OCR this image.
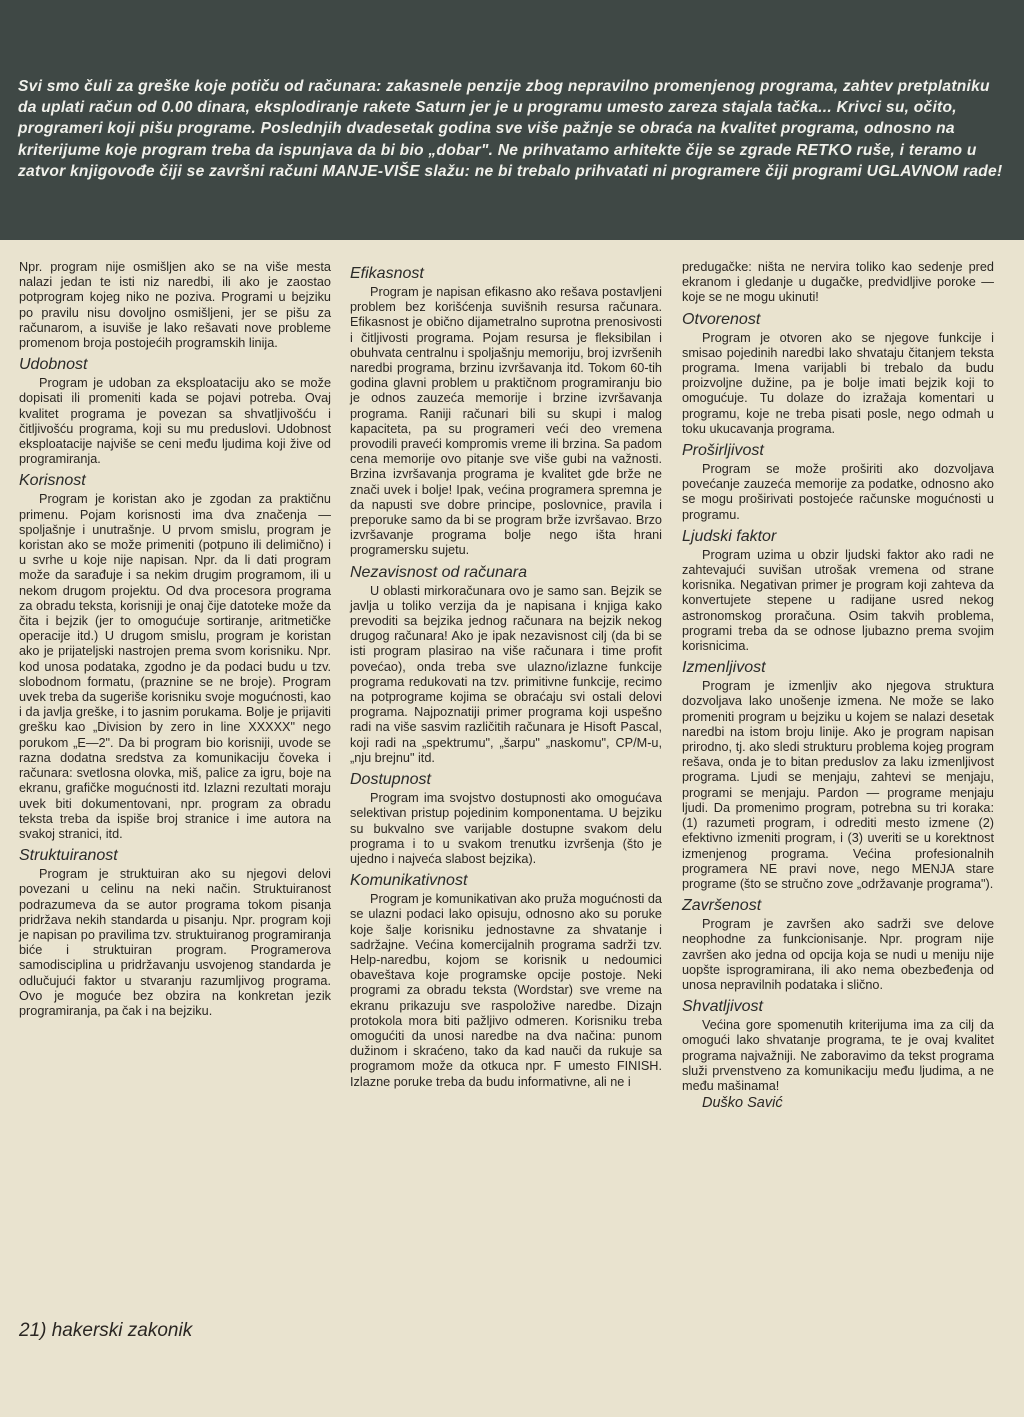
Svi smo čuli za greške koje potiču od računara: zakasnele penzije zbog nepravilno promenjenog programa, zahtev pretplatniku da uplati račun od 0.00 dinara, eksplodiranje rakete Saturn jer je u programu umesto zareza stajala tačka... Krivci su, očito, programeri koji pišu programe. Poslednjih dvadesetak godina sve više pažnje se obraća na kvalitet programa, odnosno na kriterijume koje program treba da ispunjava da bi bio „dobar". Ne prihvatamo arhitekte čije se zgrade RETKO ruše, i teramo u zatvor knjigovođe čiji se završni računi MANJE-VIŠE slažu: ne bi trebalo prihvatati ni programere čiji programi UGLAVNOM rade!

Npr. program nije osmišljen ako se na više mesta nalazi jedan te isti niz naredbi, ili ako je zaostao potprogram kojeg niko ne poziva. Programi u bejziku po pravilu nisu dovoljno osmišljeni, jer se pišu za računarom, a isuviše je lako rešavati nove probleme promenom broja postojećih programskih linija.

Udobnost

Program je udoban za eksploataciju ako se može dopisati ili promeniti kada se pojavi potreba. Ovaj kvalitet programa je povezan sa shvatljivošću i čitljivošću programa, koji su mu preduslovi. Udobnost eksploatacije najviše se ceni među ljudima koji žive od programiranja.

Korisnost

Program je koristan ako je zgodan za praktičnu primenu. Pojam korisnosti ima dva značenja — spoljašnje i unutrašnje. U prvom smislu, program je koristan ako se može primeniti (potpuno ili delimično) i u svrhe u koje nije napisan. Npr. da li dati program može da sarađuje i sa nekim drugim programom, ili u nekom drugom projektu. Od dva procesora programa za obradu teksta, korisniji je onaj čije datoteke može da čita i bejzik (jer to omogućuje sortiranje, aritmetičke operacije itd.) U drugom smislu, program je koristan ako je prijateljski nastrojen prema svom korisniku. Npr. kod unosa podataka, zgodno je da podaci budu u tzv. slobodnom formatu, (praznine se ne broje). Program uvek treba da sugeriše korisniku svoje mogućnosti, kao i da javlja greške, i to jasnim porukama. Bolje je prijaviti grešku kao „Division by zero in line XXXXX" nego porukom „E—2". Da bi program bio korisniji, uvode se razna dodatna sredstva za komunikaciju čoveka i računara: svetlosna olovka, miš, palice za igru, boje na ekranu, grafičke mogućnosti itd. Izlazni rezultati moraju uvek biti dokumentovani, npr. program za obradu teksta treba da ispiše broj stranice i ime autora na svakoj stranici, itd.

Struktuiranost

Program je struktuiran ako su njegovi delovi povezani u celinu na neki način. Struktuiranost podrazumeva da se autor programa tokom pisanja pridržava nekih standarda u pisanju. Npr. program koji je napisan po pravilima tzv. struktuiranog programiranja biće i struktuiran program. Programerova samodisciplina u pridržavanju usvojenog standarda je odlučujući faktor u stvaranju razumljivog programa. Ovo je moguće bez obzira na konkretan jezik programiranja, pa čak i na bejziku.

Efikasnost

Program je napisan efikasno ako rešava postavljeni problem bez korišćenja suvišnih resursa računara. Efikasnost je obično dijametralno suprotna prenosivosti i čitljivosti programa. Pojam resursa je fleksibilan i obuhvata centralnu i spoljašnju memoriju, broj izvršenih naredbi programa, brzinu izvršavanja itd. Tokom 60-tih godina glavni problem u praktičnom programiranju bio je odnos zauzeća memorije i brzine izvršavanja programa. Raniji računari bili su skupi i malog kapaciteta, pa su programeri veći deo vremena provodili praveći kompromis vreme ili brzina. Sa padom cena memorije ovo pitanje sve više gubi na važnosti. Brzina izvršavanja programa je kvalitet gde brže ne znači uvek i bolje! Ipak, većina programera spremna je da napusti sve dobre principe, poslovnice, pravila i preporuke samo da bi se program brže izvršavao. Brzo izvršavanje programa bolje nego išta hrani programersku sujetu.

Nezavisnost od računara

U oblasti mirkoračunara ovo je samo san. Bejzik se javlja u toliko verzija da je napisana i knjiga kako prevoditi sa bejzika jednog računara na bejzik nekog drugog računara! Ako je ipak nezavisnost cilj (da bi se isti program plasirao na više računara i time profit povećao), onda treba sve ulazno/izlazne funkcije programa redukovati na tzv. primitivne funkcije, recimo na potprograme kojima se obraćaju svi ostali delovi programa. Najpoznatiji primer programa koji uspešno radi na više sasvim različitih računara je Hisoft Pascal, koji radi na „spektrumu", „šarpu" „naskomu", CP/M-u, „nju brejnu" itd.

Dostupnost

Program ima svojstvo dostupnosti ako omogućava selektivan pristup pojedinim komponentama. U bejziku su bukvalno sve varijable dostupne svakom delu programa i to u svakom trenutku izvršenja (što je ujedno i najveća slabost bejzika).

Komunikativnost

Program je komunikativan ako pruža mogućnosti da se ulazni podaci lako opisuju, odnosno ako su poruke koje šalje korisniku jednostavne za shvatanje i sadržajne. Većina komercijalnih programa sadrži tzv. Help-naredbu, kojom se korisnik u nedoumici obaveštava koje programske opcije postoje. Neki programi za obradu teksta (Wordstar) sve vreme na ekranu prikazuju sve raspoložive naredbe. Dizajn protokola mora biti pažljivo odmeren. Korisniku treba omogućiti da unosi naredbe na dva načina: punom dužinom i skraćeno, tako da kad nauči da rukuje sa programom može da otkuca npr. F umesto FINISH. Izlazne poruke treba da budu informativne, ali ne i

predugačke: ništa ne nervira toliko kao sedenje pred ekranom i gledanje u dugačke, predvidljive poroke — koje se ne mogu ukinuti!

Otvorenost

Program je otvoren ako se njegove funkcije i smisao pojedinih naredbi lako shvataju čitanjem teksta programa. Imena varijabli bi trebalo da budu proizvoljne dužine, pa je bolje imati bejzik koji to omogućuje. Tu dolaze do izražaja komentari u programu, koje ne treba pisati posle, nego odmah u toku ukucavanja programa.

Proširljivost

Program se može proširiti ako dozvoljava povećanje zauzeća memorije za podatke, odnosno ako se mogu proširivati postojeće računske mogućnosti u programu.

Ljudski faktor

Program uzima u obzir ljudski faktor ako radi ne zahtevajući suvišan utrošak vremena od strane korisnika. Negativan primer je program koji zahteva da konvertujete stepene u radijane usred nekog astronomskog proračuna. Osim takvih problema, programi treba da se odnose ljubazno prema svojim korisnicima.

Izmenljivost

Program je izmenljiv ako njegova struktura dozvoljava lako unošenje izmena. Ne može se lako promeniti program u bejziku u kojem se nalazi desetak naredbi na istom broju linije. Ako je program napisan prirodno, tj. ako sledi strukturu problema kojeg program rešava, onda je to bitan preduslov za laku izmenljivost programa. Ljudi se menjaju, zahtevi se menjaju, programi se menjaju. Pardon — programe menjaju ljudi. Da promenimo program, potrebna su tri koraka: (1) razumeti program, i odrediti mesto izmene (2) efektivno izmeniti program, i (3) uveriti se u korektnost izmenjenog programa. Većina profesionalnih programera NE pravi nove, nego MENJA stare programe (što se stručno zove „održavanje programa").

Završenost

Program je završen ako sadrži sve delove neophodne za funkcionisanje. Npr. program nije završen ako jedna od opcija koja se nudi u meniju nije uopšte isprogramirana, ili ako nema obezbeđenja od unosa nepravilnih podataka i slično.

Shvatljivost

Većina gore spomenutih kriterijuma ima za cilj da omogući lako shvatanje programa, te je ovaj kvalitet programa najvažniji. Ne zaboravimo da tekst programa služi prvenstveno za komunikaciju među ljudima, a ne među mašinama!

Duško Savić

21) hakerski zakonik
